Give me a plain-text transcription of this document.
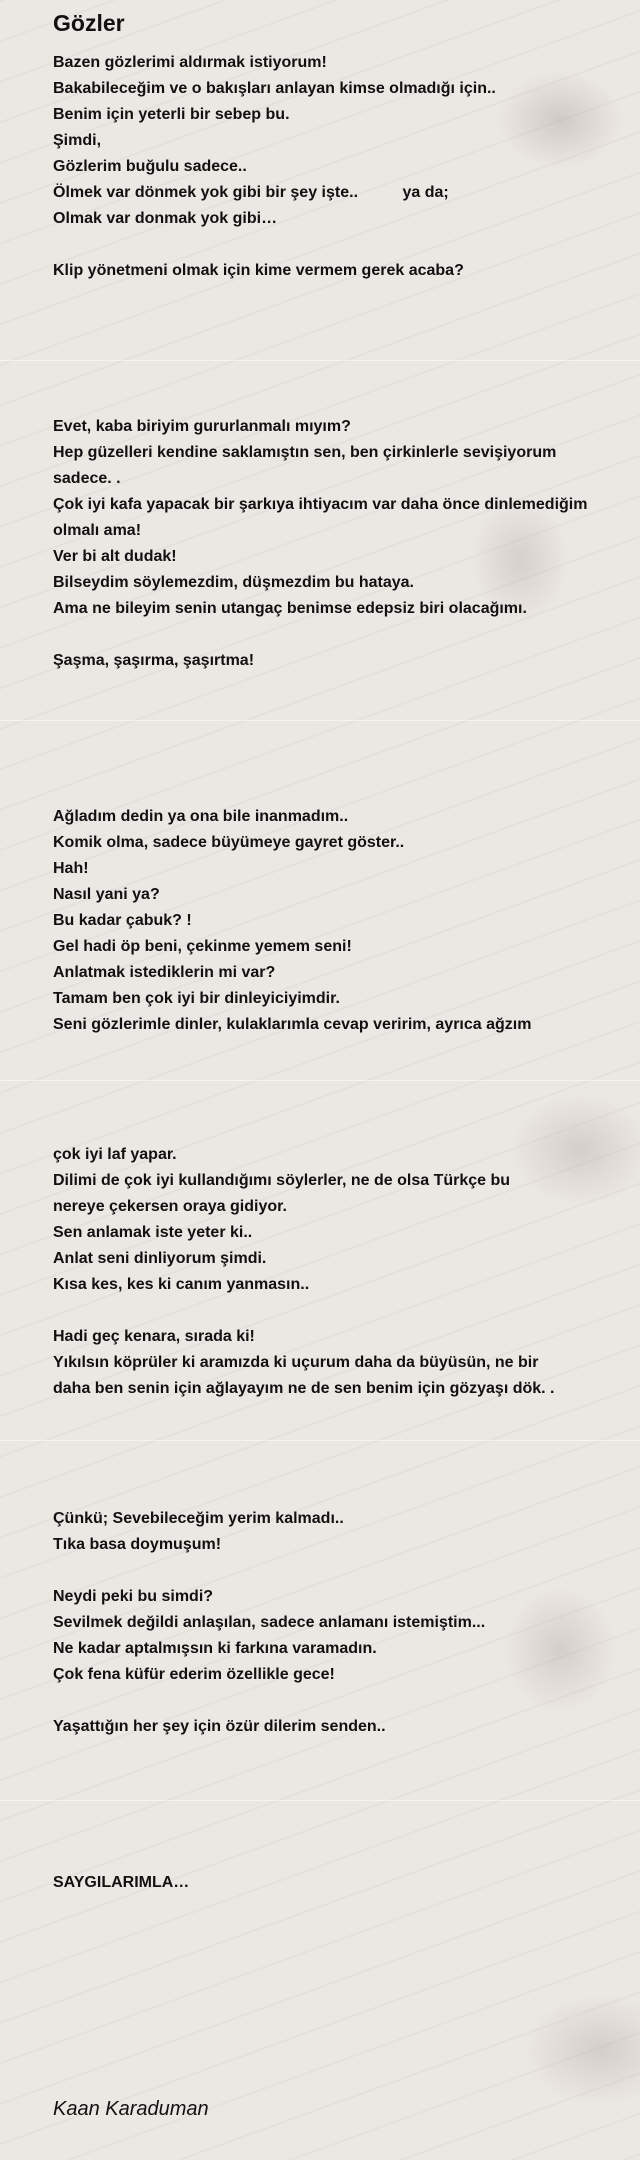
Gözler
Bazen gözlerimi aldırmak istiyorum!
Bakabileceğim ve o bakışları anlayan kimse olmadığı için..
Benim için yeterli bir sebep bu.
Şimdi,
Gözlerim buğulu sadece..
Ölmek var dönmek yok gibi bir şey işte..          ya da;
Olmak var donmak yok gibi…
Klip yönetmeni olmak için kime vermem gerek acaba?
Evet, kaba biriyim gururlanmalı mıyım?
Hep güzelleri kendine saklamıştın sen, ben çirkinlerle sevişiyorum
sadece. .
Çok iyi kafa yapacak bir şarkıya ihtiyacım var daha önce dinlemediğim
olmalı ama!
Ver bi alt dudak!
Bilseydim söylemezdim, düşmezdim bu hataya.
Ama ne bileyim senin utangaç benimse edepsiz biri olacağımı.
Şaşma, şaşırma, şaşırtma!
Ağladım dedin ya ona bile inanmadım..
Komik olma, sadece büyümeye gayret göster..
Hah!
Nasıl yani ya?
Bu kadar çabuk? !
Gel hadi öp beni, çekinme yemem seni!
Anlatmak istediklerin mi var?
Tamam ben çok iyi bir dinleyiciyimdir.
Seni gözlerimle dinler, kulaklarımla cevap veririm, ayrıca ağzım
çok iyi laf yapar.
Dilimi de çok iyi kullandığımı söylerler, ne de olsa Türkçe bu
nereye çekersen oraya gidiyor.
Sen anlamak iste yeter ki..
Anlat seni dinliyorum şimdi.
Kısa kes, kes ki canım yanmasın..
Hadi geç kenara, sırada ki!
Yıkılsın köprüler ki aramızda ki uçurum daha da büyüsün, ne bir
daha ben senin için ağlayayım ne de sen benim için gözyaşı dök. .
Çünkü; Sevebileceğim yerim kalmadı..
Tıka basa doymuşum!
Neydi peki bu simdi?
Sevilmek değildi anlaşılan, sadece anlamanı istemiştim...
Ne kadar aptalmışsın ki farkına varamadın.
Çok fena küfür ederim özellikle gece!
Yaşattığın her şey için özür dilerim senden..
SAYGILARIMLA…
Kaan Karaduman
